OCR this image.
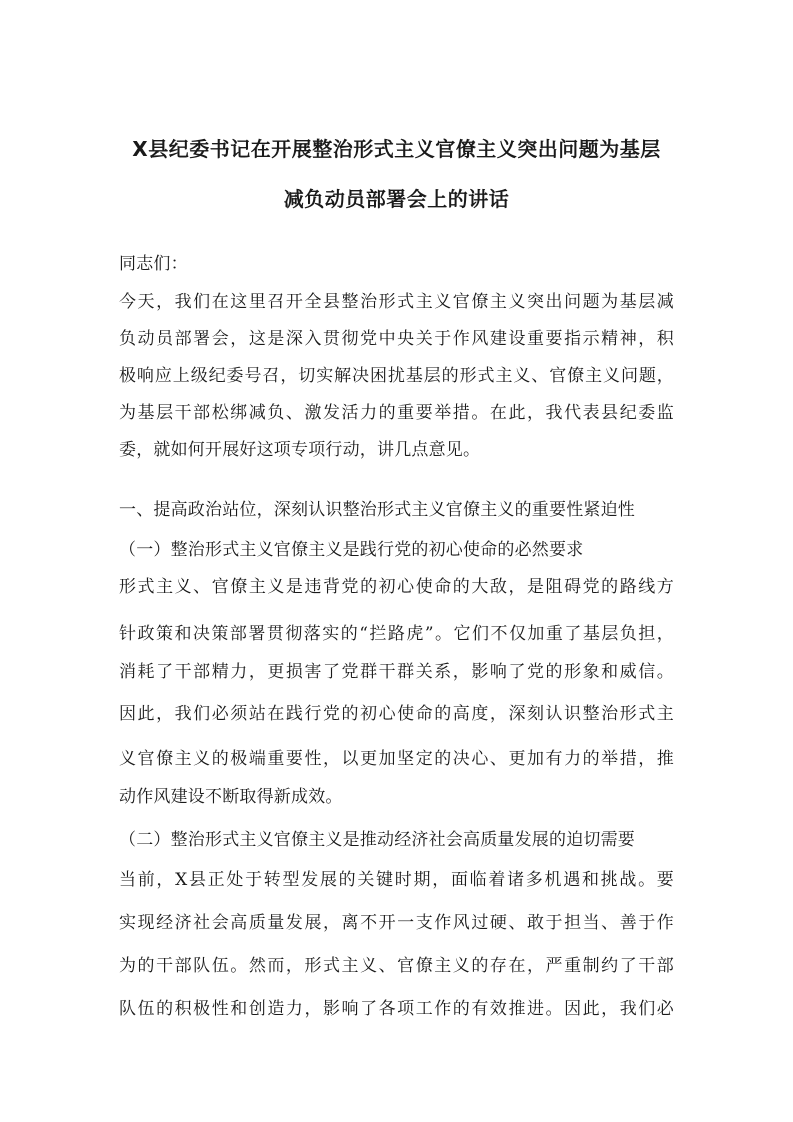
X县纪委书记在开展整治形式主义官僚主义突出问题为基层
减负动员部署会上的讲话
同志们：
今天，我们在这里召开全县整治形式主义官僚主义突出问题为基层减
负动员部署会，这是深入贯彻党中央关于作风建设重要指示精神，积
极响应上级纪委号召，切实解决困扰基层的形式主义、官僚主义问题，
为基层干部松绑减负、激发活力的重要举措。在此，我代表县纪委监
委，就如何开展好这项专项行动，讲几点意见。
一、提高政治站位，深刻认识整治形式主义官僚主义的重要性紧迫性
（一）整治形式主义官僚主义是践行党的初心使命的必然要求
形式主义、官僚主义是违背党的初心使命的大敌，是阻碍党的路线方
针政策和决策部署贯彻落实的“拦路虎”。它们不仅加重了基层负担，
消耗了干部精力，更损害了党群干群关系，影响了党的形象和威信。
因此，我们必须站在践行党的初心使命的高度，深刻认识整治形式主
义官僚主义的极端重要性，以更加坚定的决心、更加有力的举措，推
动作风建设不断取得新成效。
（二）整治形式主义官僚主义是推动经济社会高质量发展的迫切需要
当前，X县正处于转型发展的关键时期，面临着诸多机遇和挑战。要
实现经济社会高质量发展，离不开一支作风过硬、敢于担当、善于作
为的干部队伍。然而，形式主义、官僚主义的存在，严重制约了干部
队伍的积极性和创造力，影响了各项工作的有效推进。因此，我们必
